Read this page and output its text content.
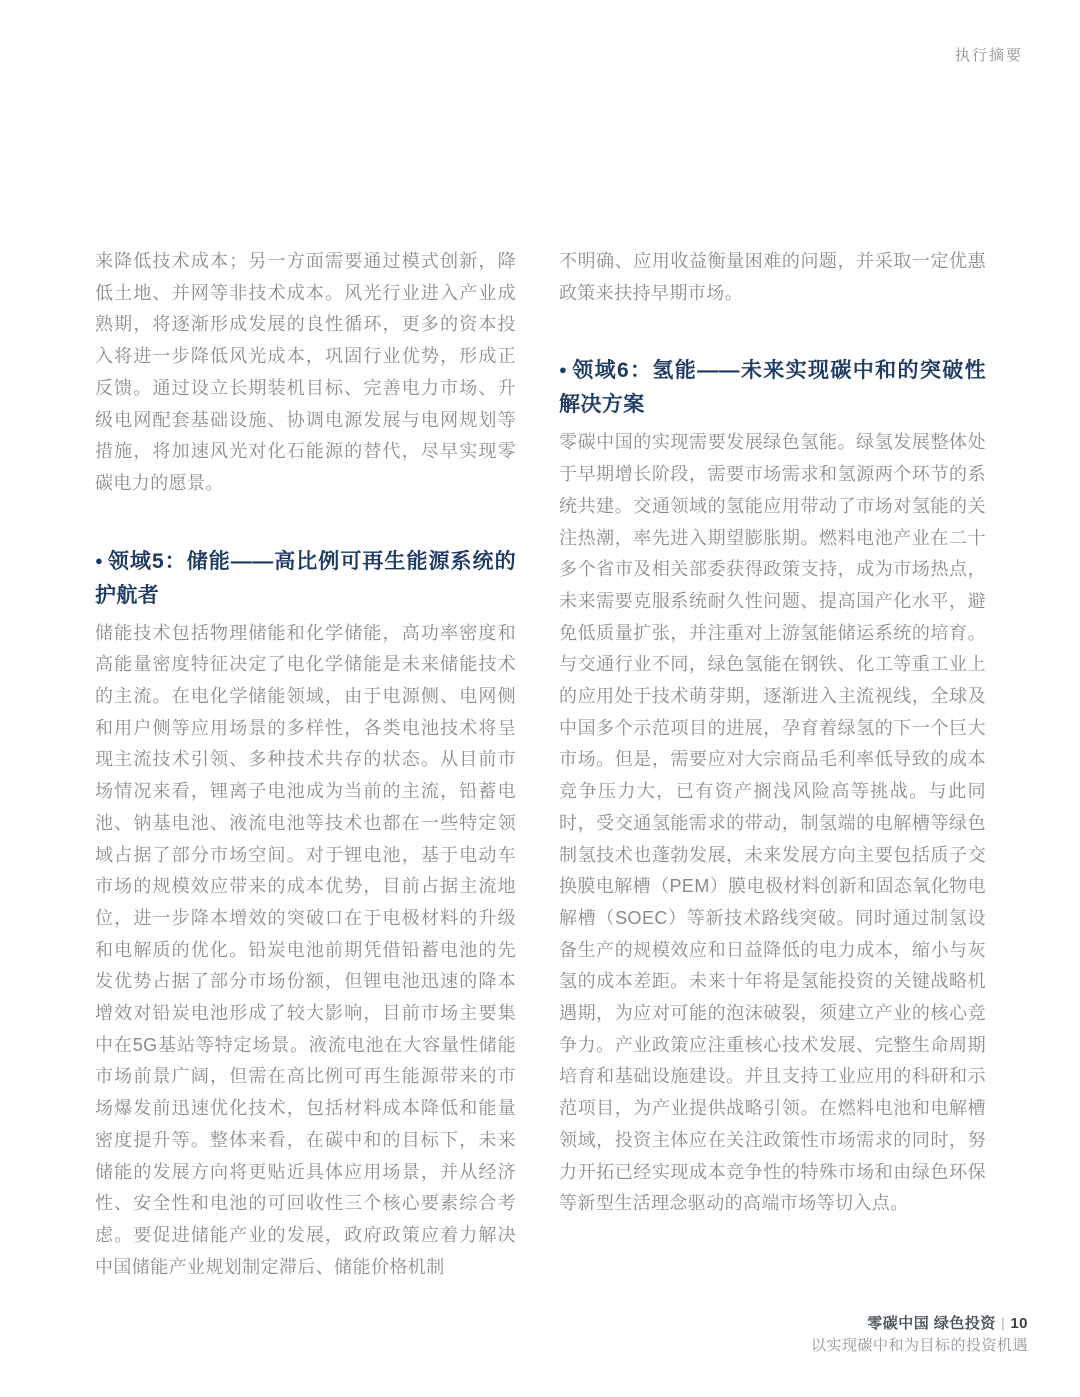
执行摘要

来降低技术成本；另一方面需要通过模式创新，降低土地、并网等非技术成本。风光行业进入产业成熟期，将逐渐形成发展的良性循环，更多的资本投入将进一步降低风光成本，巩固行业优势，形成正反馈。通过设立长期装机目标、完善电力市场、升级电网配套基础设施、协调电源发展与电网规划等措施，将加速风光对化石能源的替代，尽早实现零碳电力的愿景。

● 领域5：储能——高比例可再生能源系统的护航者

储能技术包括物理储能和化学储能，高功率密度和高能量密度特征决定了电化学储能是未来储能技术的主流。在电化学储能领域，由于电源侧、电网侧和用户侧等应用场景的多样性，各类电池技术将呈现主流技术引领、多种技术共存的状态。从目前市场情况来看，锂离子电池成为当前的主流，铅蓄电池、钠基电池、液流电池等技术也都在一些特定领域占据了部分市场空间。对于锂电池，基于电动车市场的规模效应带来的成本优势，目前占据主流地位，进一步降本增效的突破口在于电极材料的升级和电解质的优化。铅炭电池前期凭借铅蓄电池的先发优势占据了部分市场份额，但锂电池迅速的降本增效对铅炭电池形成了较大影响，目前市场主要集中在5G基站等特定场景。液流电池在大容量性储能市场前景广阔，但需在高比例可再生能源带来的市场爆发前迅速优化技术，包括材料成本降低和能量密度提升等。整体来看，在碳中和的目标下，未来储能的发展方向将更贴近具体应用场景，并从经济性、安全性和电池的可回收性三个核心要素综合考虑。要促进储能产业的发展，政府政策应着力解决中国储能产业规划制定滞后、储能价格机制

不明确、应用收益衡量困难的问题，并采取一定优惠政策来扶持早期市场。

● 领域6：氢能——未来实现碳中和的突破性解决方案

零碳中国的实现需要发展绿色氢能。绿氢发展整体处于早期增长阶段，需要市场需求和氢源两个环节的系统共建。交通领域的氢能应用带动了市场对氢能的关注热潮，率先进入期望膨胀期。燃料电池产业在二十多个省市及相关部委获得政策支持，成为市场热点，未来需要克服系统耐久性问题、提高国产化水平，避免低质量扩张，并注重对上游氢能储运系统的培育。与交通行业不同，绿色氢能在钢铁、化工等重工业上的应用处于技术萌芽期，逐渐进入主流视线，全球及中国多个示范项目的进展，孕育着绿氢的下一个巨大市场。但是，需要应对大宗商品毛利率低导致的成本竞争压力大，已有资产搁浅风险高等挑战。与此同时，受交通氢能需求的带动，制氢端的电解槽等绿色制氢技术也蓬勃发展，未来发展方向主要包括质子交换膜电解槽（PEM）膜电极材料创新和固态氧化物电解槽（SOEC）等新技术路线突破。同时通过制氢设备生产的规模效应和日益降低的电力成本，缩小与灰氢的成本差距。未来十年将是氢能投资的关键战略机遇期，为应对可能的泡沫破裂，须建立产业的核心竞争力。产业政策应注重核心技术发展、完整生命周期培育和基础设施建设。并且支持工业应用的科研和示范项目，为产业提供战略引领。在燃料电池和电解槽领域，投资主体应在关注政策性市场需求的同时，努力开拓已经实现成本竞争性的特殊市场和由绿色环保等新型生活理念驱动的高端市场等切入点。

零碳中国 绿色投资 | 10
以实现碳中和为目标的投资机遇
